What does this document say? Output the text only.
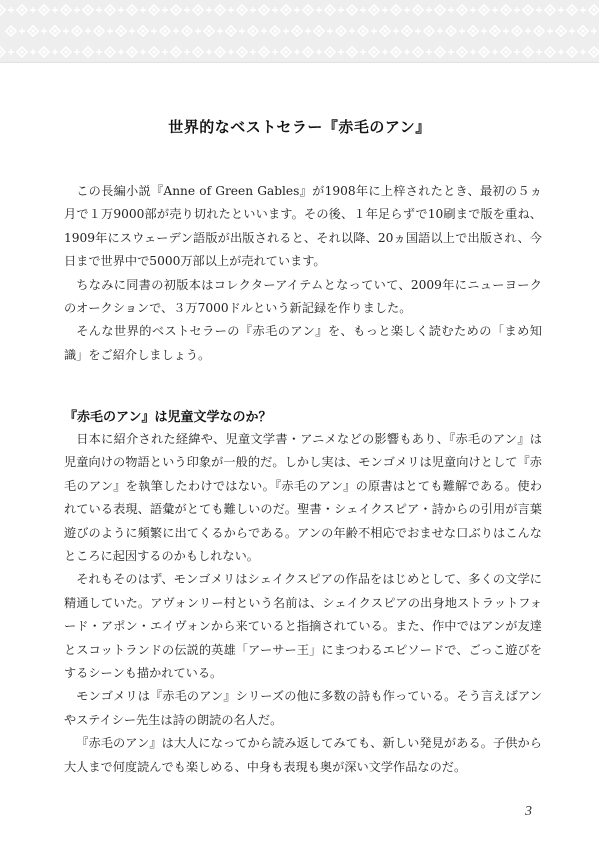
世界的なベストセラー『赤毛のアン』

この長編小説『Anne of Green Gables』が1908年に上梓されたとき、最初の５ヵ月で１万9000部が売り切れたといいます。その後、１年足らずで10刷まで版を重ね、1909年にスウェーデン語版が出版されると、それ以降、20ヵ国語以上で出版され、今日まで世界中で5000万部以上が売れています。

ちなみに同書の初版本はコレクターアイテムとなっていて、2009年にニューヨークのオークションで、３万7000ドルという新記録を作りました。

そんな世界的ベストセラーの『赤毛のアン』を、もっと楽しく読むための「まめ知識」をご紹介しましょう。

『赤毛のアン』は児童文学なのか？

日本に紹介された経緯や、児童文学書・アニメなどの影響もあり、『赤毛のアン』は児童向けの物語という印象が一般的だ。しかし実は、モンゴメリは児童向けとして『赤毛のアン』を執筆したわけではない。『赤毛のアン』の原書はとても難解である。使われている表現、語彙がとても難しいのだ。聖書・シェイクスピア・詩からの引用が言葉遊びのように頻繁に出てくるからである。アンの年齢不相応でおませな口ぶりはこんなところに起因するのかもしれない。

それもそのはず、モンゴメリはシェイクスピアの作品をはじめとして、多くの文学に精通していた。アヴォンリー村という名前は、シェイクスピアの出身地ストラットフォード・アポン・エイヴォンから来ていると指摘されている。また、作中ではアンが友達とスコットランドの伝説的英雄「アーサー王」にまつわるエピソードで、ごっこ遊びをするシーンも描かれている。

モンゴメリは『赤毛のアン』シリーズの他に多数の詩も作っている。そう言えばアンやステイシー先生は詩の朗読の名人だ。

『赤毛のアン』は大人になってから読み返してみても、新しい発見がある。子供から大人まで何度読んでも楽しめる、中身も表現も奥が深い文学作品なのだ。

3
